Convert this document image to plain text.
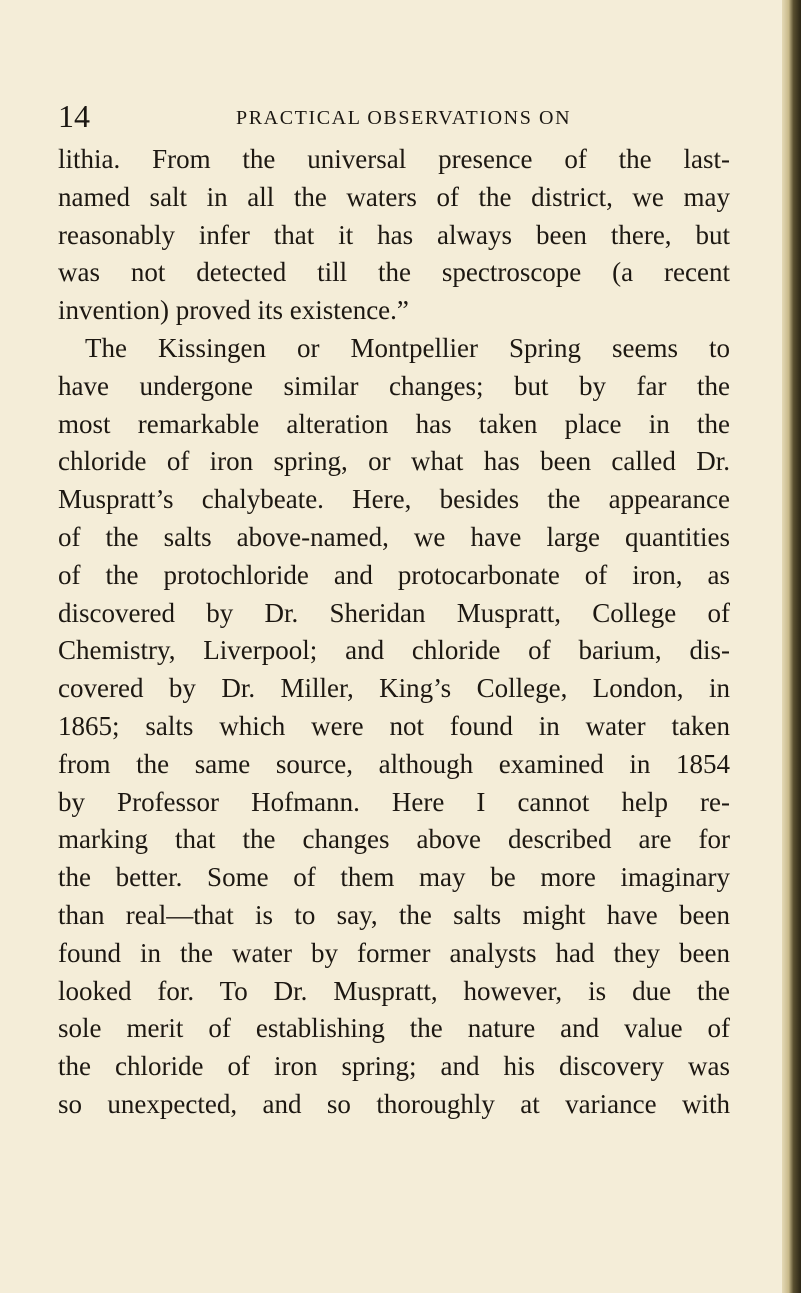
14	PRACTICAL OBSERVATIONS ON
lithia. From the universal presence of the last-
named salt in all the waters of the district, we may
reasonably infer that it has always been there, but
was not detected till the spectroscope (a recent
invention) proved its existence.”
The Kissingen or Montpellier Spring seems to
have undergone similar changes; but by far the
most remarkable alteration has taken place in the
chloride of iron spring, or what has been called Dr.
Muspratt’s chalybeate. Here, besides the appearance
of the salts above-named, we have large quantities
of the protochloride and protocarbonate of iron, as
discovered by Dr. Sheridan Muspratt, College of
Chemistry, Liverpool; and chloride of barium, dis-
covered by Dr. Miller, King’s College, London, in
1865; salts which were not found in water taken
from the same source, although examined in 1854
by Professor Hofmann. Here I cannot help re-
marking that the changes above described are for
the better. Some of them may be more imaginary
than real—that is to say, the salts might have been
found in the water by former analysts had they been
looked for. To Dr. Muspratt, however, is due the
sole merit of establishing the nature and value of
the chloride of iron spring; and his discovery was
so unexpected, and so thoroughly at variance with
